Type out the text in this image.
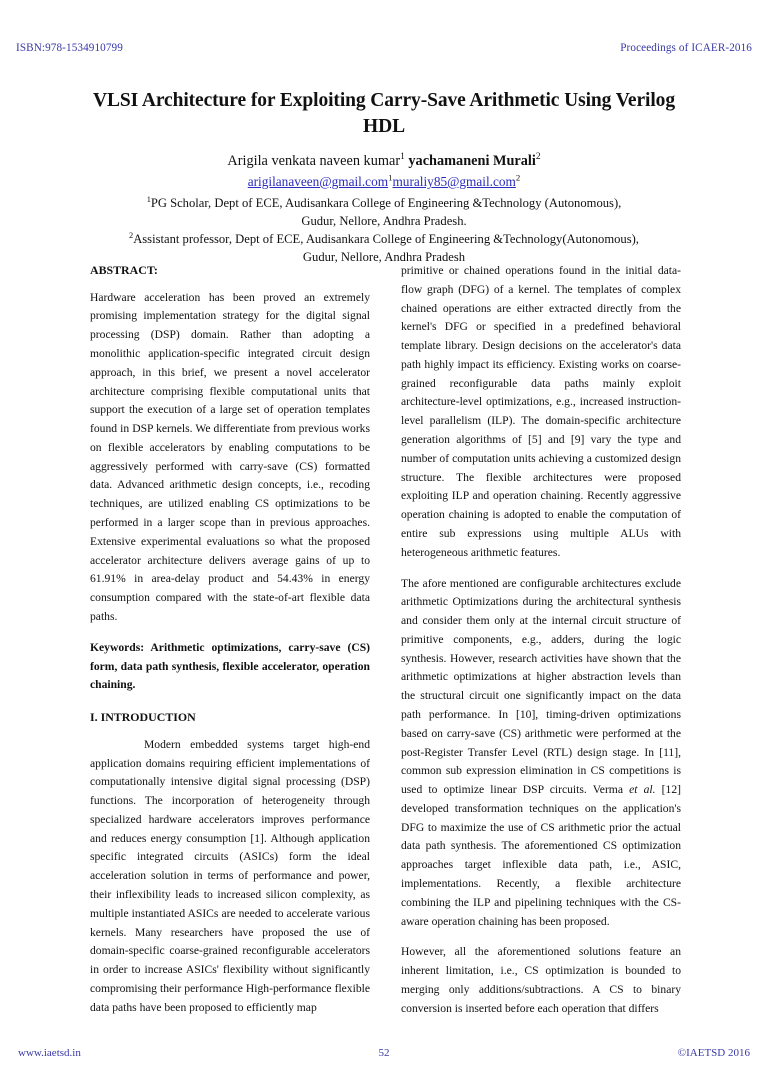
ISBN:978-1534910799	Proceedings of ICAER-2016
VLSI Architecture for Exploiting Carry-Save Arithmetic Using Verilog HDL
Arigila venkata naveen kumar$^1$ yachamaneni Murali$^2$
arigilanaveen@gmail.com$^1$muraliy85@gmail.com$^2$
$^1$PG Scholar, Dept of ECE, Audisankara College of Engineering &Technology (Autonomous),
Gudur, Nellore, Andhra Pradesh.
$^2$Assistant professor, Dept of ECE, Audisankara College of Engineering &Technology(Autonomous),
Gudur, Nellore, Andhra Pradesh
ABSTRACT:

Hardware acceleration has been proved an extremely promising implementation strategy for the digital signal processing (DSP) domain. Rather than adopting a monolithic application-specific integrated circuit design approach, in this brief, we present a novel accelerator architecture comprising flexible computational units that support the execution of a large set of operation templates found in DSP kernels. We differentiate from previous works on flexible accelerators by enabling computations to be aggressively performed with carry-save (CS) formatted data. Advanced arithmetic design concepts, i.e., recoding techniques, are utilized enabling CS optimizations to be performed in a larger scope than in previous approaches. Extensive experimental evaluations so what the proposed accelerator architecture delivers average gains of up to 61.91% in area-delay product and 54.43% in energy consumption compared with the state-of-art flexible data paths.

Keywords: Arithmetic optimizations, carry-save (CS) form, data path synthesis, flexible accelerator, operation chaining.

I. INTRODUCTION

Modern embedded systems target high-end application domains requiring efficient implementations of computationally intensive digital signal processing (DSP) functions. The incorporation of heterogeneity through specialized hardware accelerators improves performance and reduces energy consumption [1]. Although application specific integrated circuits (ASICs) form the ideal acceleration solution in terms of performance and power, their inflexibility leads to increased silicon complexity, as multiple instantiated ASICs are needed to accelerate various kernels. Many researchers have proposed the use of domain-specific coarse-grained reconfigurable accelerators in order to increase ASICs' flexibility without significantly compromising their performance High-performance flexible data paths have been proposed to efficiently map

primitive or chained operations found in the initial data-flow graph (DFG) of a kernel. The templates of complex chained operations are either extracted directly from the kernel's DFG or specified in a predefined behavioral template library. Design decisions on the accelerator's data path highly impact its efficiency. Existing works on coarse-grained reconfigurable data paths mainly exploit architecture-level optimizations, e.g., increased instruction-level parallelism (ILP). The domain-specific architecture generation algorithms of [5] and [9] vary the type and number of computation units achieving a customized design structure. The flexible architectures were proposed exploiting ILP and operation chaining. Recently aggressive operation chaining is adopted to enable the computation of entire sub expressions using multiple ALUs with heterogeneous arithmetic features.

The afore mentioned are configurable architectures exclude arithmetic Optimizations during the architectural synthesis and consider them only at the internal circuit structure of primitive components, e.g., adders, during the logic synthesis. However, research activities have shown that the arithmetic optimizations at higher abstraction levels than the structural circuit one significantly impact on the data path performance. In [10], timing-driven optimizations based on carry-save (CS) arithmetic were performed at the post-Register Transfer Level (RTL) design stage. In [11], common sub expression elimination in CS competitions is used to optimize linear DSP circuits. Verma et al. [12] developed transformation techniques on the application's DFG to maximize the use of CS arithmetic prior the actual data path synthesis. The aforementioned CS optimization approaches target inflexible data path, i.e., ASIC, implementations. Recently, a flexible architecture combining the ILP and pipelining techniques with the CS-aware operation chaining has been proposed.

However, all the aforementioned solutions feature an inherent limitation, i.e., CS optimization is bounded to merging only additions/subtractions. A CS to binary conversion is inserted before each operation that differs

www.iaetsd.in	52	©IAETSD 2016
